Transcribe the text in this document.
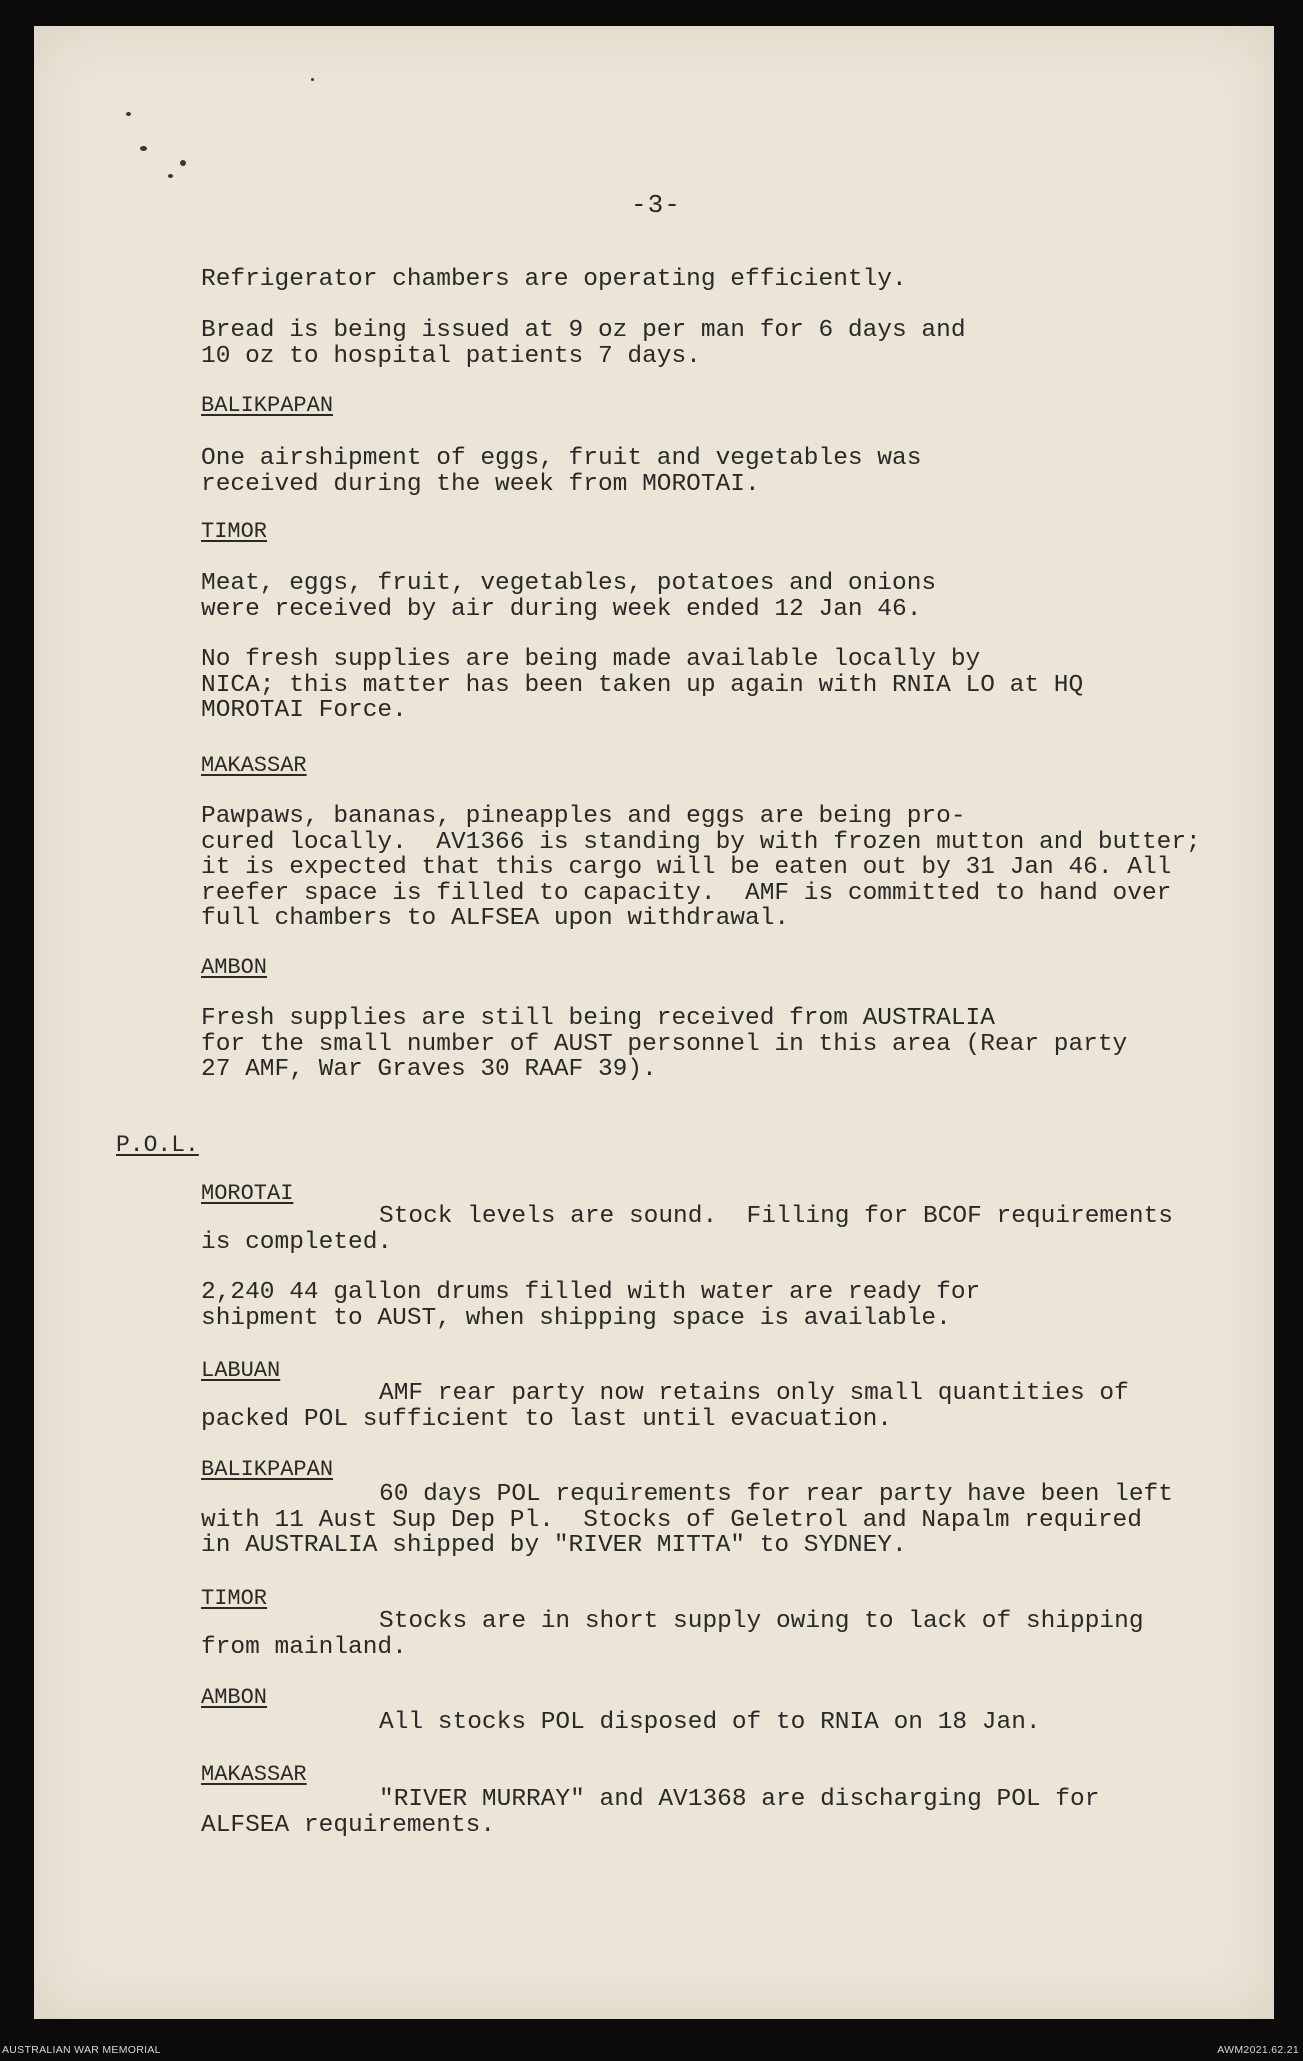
-3-

Refrigerator chambers are operating efficiently.

Bread is being issued at 9 oz per man for 6 days and
10 oz to hospital patients 7 days.

BALIKPAPAN

One airshipment of eggs, fruit and vegetables was
received during the week from MOROTAI.

TIMOR

Meat, eggs, fruit, vegetables, potatoes and onions
were received by air during week ended 12 Jan 46.

No fresh supplies are being made available locally by
NICA; this matter has been taken up again with RNIA LO at HQ
MOROTAI Force.

MAKASSAR

Pawpaws, bananas, pineapples and eggs are being pro-
cured locally.  AV1366 is standing by with frozen mutton and butter;
it is expected that this cargo will be eaten out by 31 Jan 46. All
reefer space is filled to capacity.  AMF is committed to hand over
full chambers to ALFSEA upon withdrawal.

AMBON

Fresh supplies are still being received from AUSTRALIA
for the small number of AUST personnel in this area (Rear party
27 AMF, War Graves 30 RAAF 39).

P.O.L.
MOROTAI

Stock levels are sound.  Filling for BCOF requirements
is completed.

2,240 44 gallon drums filled with water are ready for
shipment to AUST, when shipping space is available.

LABUAN

AMF rear party now retains only small quantities of
packed POL sufficient to last until evacuation.

BALIKPAPAN

60 days POL requirements for rear party have been left
with 11 Aust Sup Dep Pl.  Stocks of Geletrol and Napalm required
in AUSTRALIA shipped by "RIVER MITTA" to SYDNEY.

TIMOR

Stocks are in short supply owing to lack of shipping
from mainland.

AMBON

All stocks POL disposed of to RNIA on 18 Jan.

MAKASSAR

"RIVER MURRAY" and AV1368 are discharging POL for
ALFSEA requirements.

AUSTRALIAN WAR MEMORIAL	AWM2021.62.21
